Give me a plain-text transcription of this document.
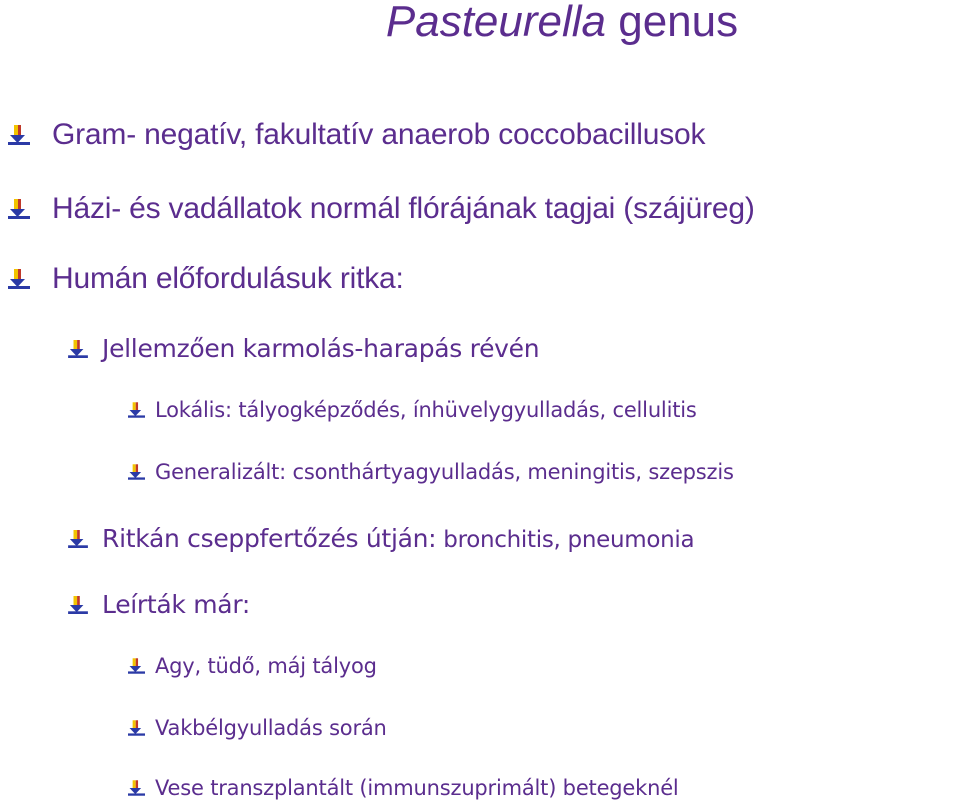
Pasteurella genus
Gram- negatív, fakultatív anaerob coccobacillusok
Házi- és vadállatok normál flórájának tagjai (szájüreg)
Humán előfordulásuk ritka:
Jellemzően karmolás-harapás révén
Lokális: tályogképződés, ínhüvelygyulladás, cellulitis
Generalizált: csonthártyagyulladás, meningitis, szepszis
Ritkán cseppfertőzés útján: bronchitis, pneumonia
Leírták már:
Agy, tüdő, máj tályog
Vakbélgyulladás során
Vese transzplantált (immunszuprimált) betegeknél
